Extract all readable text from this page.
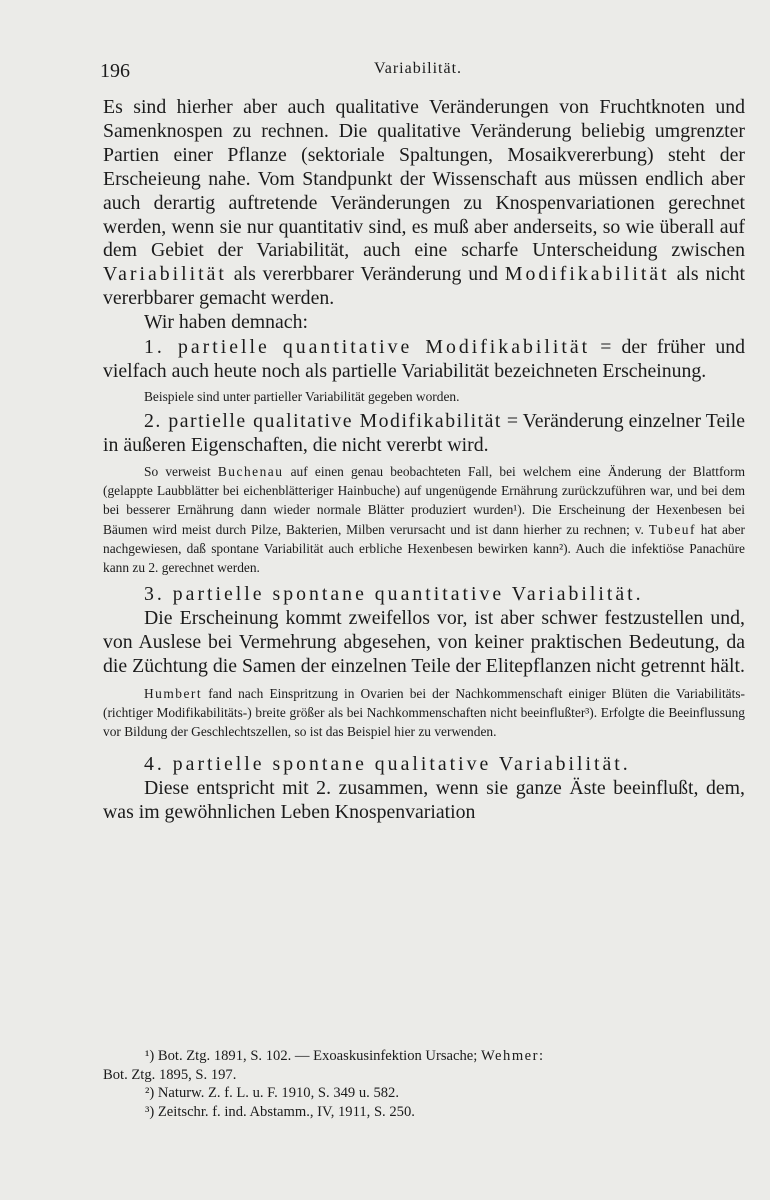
196	Variabilität.

Es sind hierher aber auch qualitative Veränderungen von Fruchtknoten und Samenknospen zu rechnen. Die qualitative Veränderung beliebig umgrenzter Partien einer Pflanze (sektoriale Spaltungen, Mosaikvererbung) steht der Erscheieung nahe. Vom Standpunkt der Wissenschaft aus müssen endlich aber auch derartig auftretende Veränderungen zu Knospenvariationen gerechnet werden, wenn sie nur quantitativ sind, es muß aber anderseits, so wie überall auf dem Gebiet der Variabilität, auch eine scharfe Unterscheidung zwischen Variabilität als vererbbarer Veränderung und Modifikabilität als nicht vererbbarer gemacht werden.

Wir haben demnach:

1. partielle quantitative Modifikabilität = der früher und vielfach auch heute noch als partielle Variabilität bezeichneten Erscheinung.

Beispiele sind unter partieller Variabilität gegeben worden.

2. partielle qualitative Modifikabilität = Veränderung einzelner Teile in äußeren Eigenschaften, die nicht vererbt wird.

So verweist Buchenau auf einen genau beobachteten Fall, bei welchem eine Änderung der Blattform (gelappte Laubblätter bei eichenblätteriger Hainbuche) auf ungenügende Ernährung zurückzuführen war, und bei dem bei besserer Ernährung dann wieder normale Blätter produziert wurden¹). Die Erscheinung der Hexenbesen bei Bäumen wird meist durch Pilze, Bakterien, Milben verursacht und ist dann hierher zu rechnen; v. Tubeuf hat aber nachgewiesen, daß spontane Variabilität auch erbliche Hexenbesen bewirken kann²). Auch die infektiöse Panachüre kann zu 2. gerechnet werden.

3. partielle spontane quantitative Variabilität.

Die Erscheinung kommt zweifellos vor, ist aber schwer festzustellen und, von Auslese bei Vermehrung abgesehen, von keiner praktischen Bedeutung, da die Züchtung die Samen der einzelnen Teile der Elitepflanzen nicht getrennt hält.

Humbert fand nach Einspritzung in Ovarien bei der Nachkommenschaft einiger Blüten die Variabilitäts- (richtiger Modifikabilitäts-) breite größer als bei Nachkommenschaften nicht beeinflußter³). Erfolgte die Beeinflussung vor Bildung der Geschlechtszellen, so ist das Beispiel hier zu verwenden.

4. partielle spontane qualitative Variabilität.

Diese entspricht mit 2. zusammen, wenn sie ganze Äste beeinflußt, dem, was im gewöhnlichen Leben Knospenvariation

¹) Bot. Ztg. 1891, S. 102. — Exoaskusinfektion Ursache; Wehmer:

Bot. Ztg. 1895, S. 197.

²) Naturw. Z. f. L. u. F. 1910, S. 349 u. 582.

³) Zeitschr. f. ind. Abstamm., IV, 1911, S. 250.
